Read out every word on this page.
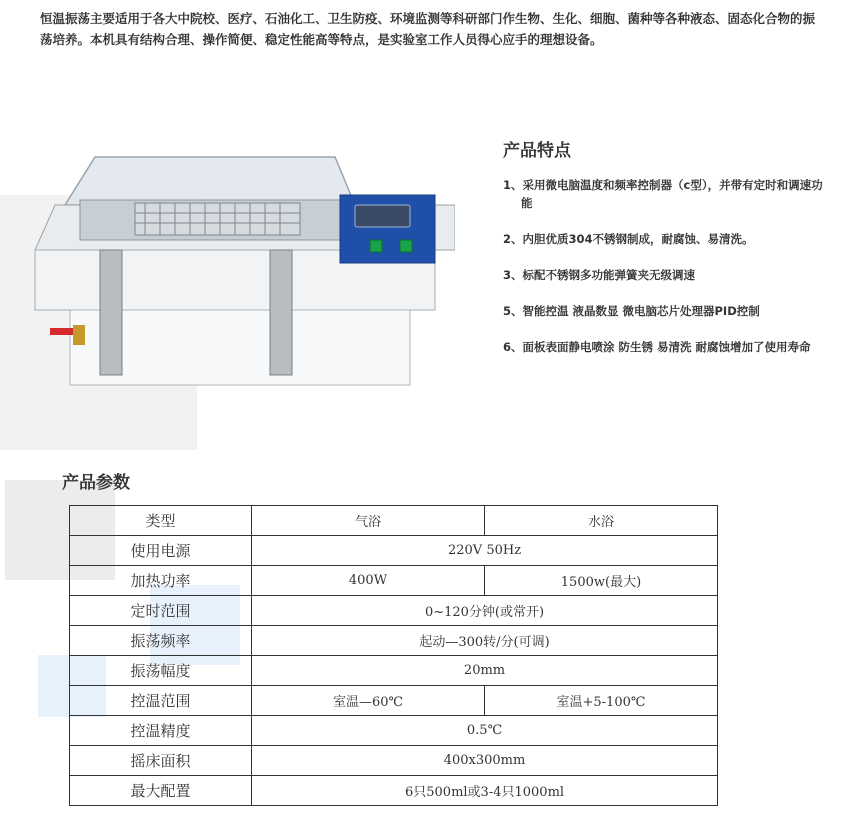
恒温振荡主要适用于各大中院校、医疗、石油化工、卫生防疫、环境监测等科研部门作生物、生化、细胞、菌种等各种液态、固态化合物的振荡培养。本机具有结构合理、操作简便、稳定性能高等特点，是实验室工作人员得心应手的理想设备。
产品特点
1、采用微电脑温度和频率控制器（c型），并带有定时和调速功能
2、内胆优质304不锈钢制成，耐腐蚀、易清洗。
3、标配不锈钢多功能弹簧夹无级调速
5、智能控温 液晶数显 微电脑芯片处理器PID控制
6、面板表面静电喷涂 防生锈 易清洗 耐腐蚀增加了使用寿命
产品参数
类型	气浴	水浴
使用电源	220V 50Hz	
加热功率	400W	1500w(最大)
定时范围	0~120分钟(或常开)	
振荡频率	起动—300转/分(可调)	
振荡幅度	20mm	
控温范围	室温—60℃	室温+5-100℃
控温精度	0.5℃	
摇床面积	400x300mm	
最大配置	6只500ml或3-4只1000ml	
